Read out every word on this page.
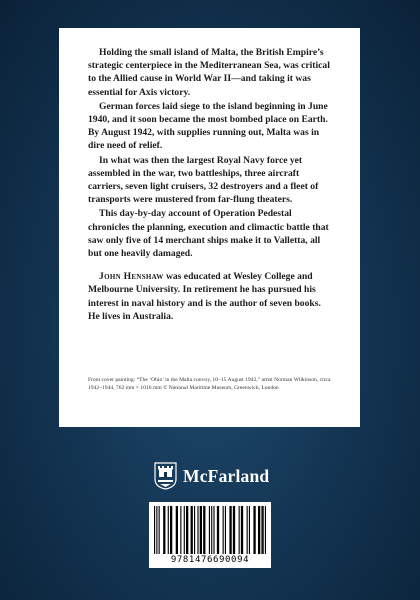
Holding the small island of Malta, the British Empire’s strategic centerpiece in the Mediterranean Sea, was critical to the Allied cause in World War II—and taking it was essential for Axis victory.

German forces laid siege to the island beginning in June 1940, and it soon became the most bombed place on Earth. By August 1942, with supplies running out, Malta was in dire need of relief.

In what was then the largest Royal Navy force yet assembled in the war, two battleships, three aircraft carriers, seven light cruisers, 32 destroyers and a fleet of transports were mustered from far-flung theaters.

This day-by-day account of Operation Pedestal chronicles the planning, execution and climactic battle that saw only five of 14 merchant ships make it to Valletta, all but one heavily damaged.

John Henshaw was educated at Wesley College and Melbourne University. In retirement he has pursued his interest in naval history and is the author of seven books. He lives in Australia.

Front cover painting: “The ‘Ohio’ in the Malta convoy, 10–15 August 1942,” artist Norman Wilkinson, circa 1942–1944, 762 mm × 1016 mm © National Maritime Museum, Greenwich, London
McFarland
9781476690094
